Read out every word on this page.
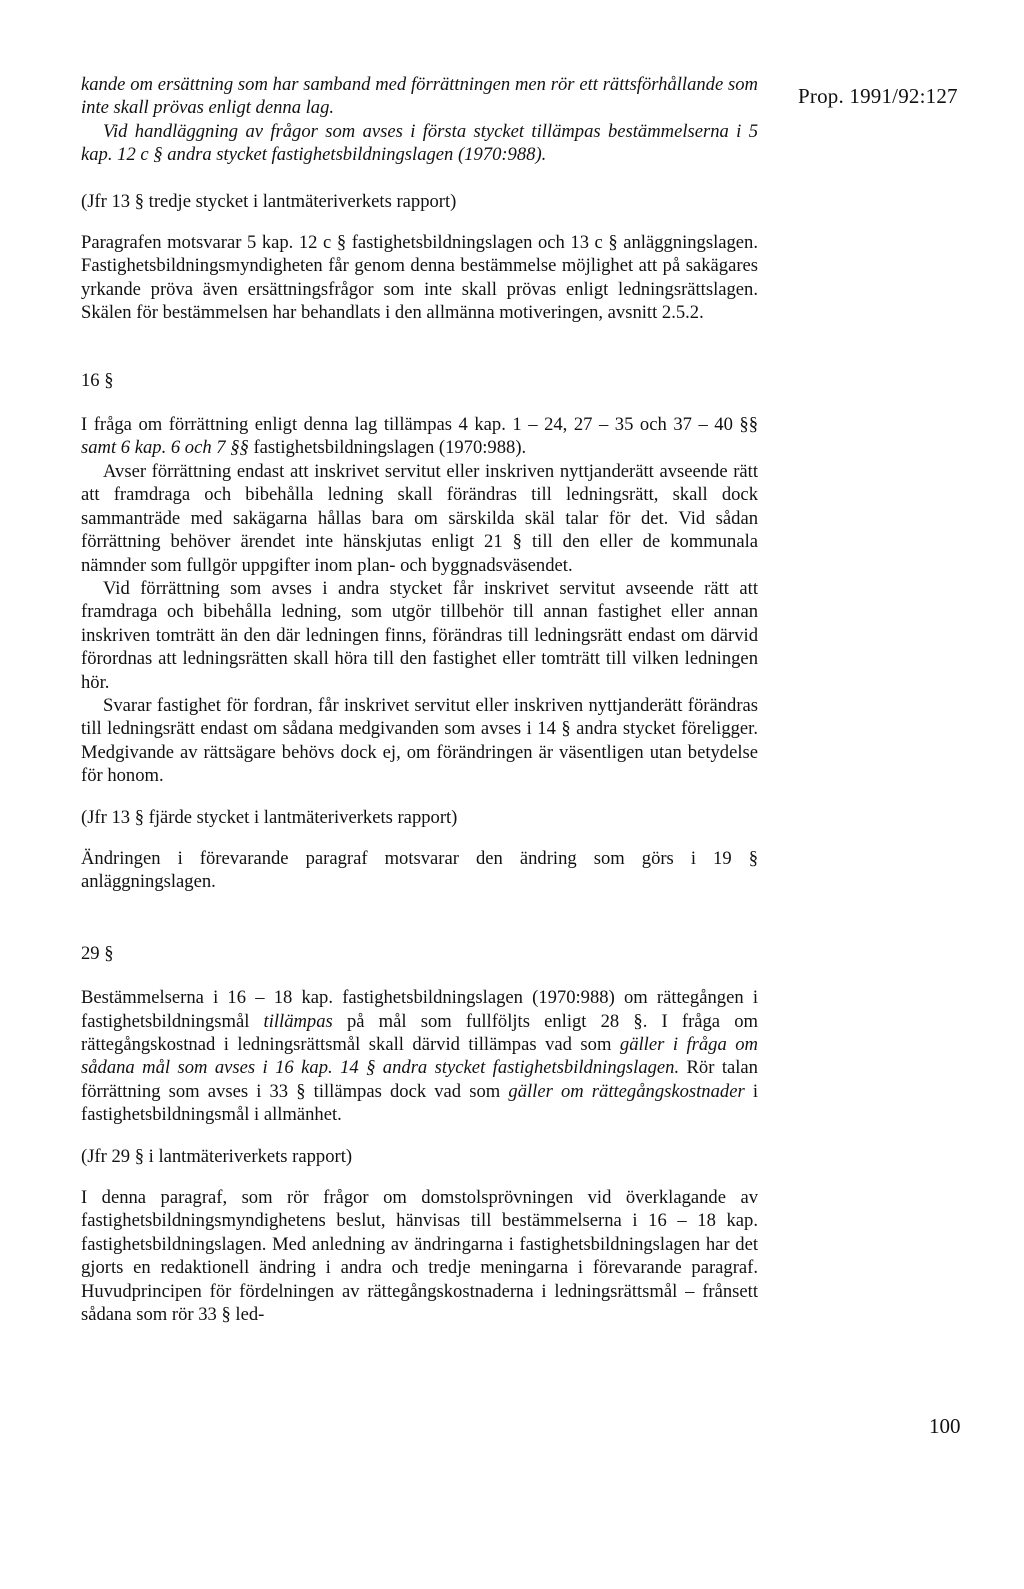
Prop. 1991/92:127

kande om ersättning som har samband med förrättningen men rör ett rättsförhållande som inte skall prövas enligt denna lag.

Vid handläggning av frågor som avses i första stycket tillämpas bestämmelserna i 5 kap. 12 c § andra stycket fastighetsbildningslagen (1970:988).

(Jfr 13 § tredje stycket i lantmäteriverkets rapport)

Paragrafen motsvarar 5 kap. 12 c § fastighetsbildningslagen och 13 c § anläggningslagen. Fastighetsbildningsmyndigheten får genom denna bestämmelse möjlighet att på sakägares yrkande pröva även ersättningsfrågor som inte skall prövas enligt ledningsrättslagen. Skälen för bestämmelsen har behandlats i den allmänna motiveringen, avsnitt 2.5.2.

16 §

I fråga om förrättning enligt denna lag tillämpas 4 kap. 1 – 24, 27 – 35 och 37 – 40 §§ samt 6 kap. 6 och 7 §§ fastighetsbildningslagen (1970:988).

Avser förrättning endast att inskrivet servitut eller inskriven nyttjanderätt avseende rätt att framdraga och bibehålla ledning skall förändras till ledningsrätt, skall dock sammanträde med sakägarna hållas bara om särskilda skäl talar för det. Vid sådan förrättning behöver ärendet inte hänskjutas enligt 21 § till den eller de kommunala nämnder som fullgör uppgifter inom plan- och byggnadsväsendet.

Vid förrättning som avses i andra stycket får inskrivet servitut avseende rätt att framdraga och bibehålla ledning, som utgör tillbehör till annan fastighet eller annan inskriven tomträtt än den där ledningen finns, förändras till ledningsrätt endast om därvid förordnas att ledningsrätten skall höra till den fastighet eller tomträtt till vilken ledningen hör.

Svarar fastighet för fordran, får inskrivet servitut eller inskriven nyttjanderätt förändras till ledningsrätt endast om sådana medgivanden som avses i 14 § andra stycket föreligger. Medgivande av rättsägare behövs dock ej, om förändringen är väsentligen utan betydelse för honom.

(Jfr 13 § fjärde stycket i lantmäteriverkets rapport)

Ändringen i förevarande paragraf motsvarar den ändring som görs i 19 § anläggningslagen.

29 §

Bestämmelserna i 16 – 18 kap. fastighetsbildningslagen (1970:988) om rättegången i fastighetsbildningsmål tillämpas på mål som fullföljts enligt 28 §. I fråga om rättegångskostnad i ledningsrättsmål skall därvid tillämpas vad som gäller i fråga om sådana mål som avses i 16 kap. 14 § andra stycket fastighetsbildningslagen. Rör talan förrättning som avses i 33 § tillämpas dock vad som gäller om rättegångskostnader i fastighetsbildningsmål i allmänhet.

(Jfr 29 § i lantmäteriverkets rapport)

I denna paragraf, som rör frågor om domstolsprövningen vid överklagande av fastighetsbildningsmyndighetens beslut, hänvisas till bestämmelserna i 16 – 18 kap. fastighetsbildningslagen. Med anledning av ändringarna i fastighetsbildningslagen har det gjorts en redaktionell ändring i andra och tredje meningarna i förevarande paragraf. Huvudprincipen för fördelningen av rättegångskostnaderna i ledningsrättsmål – frånsett sådana som rör 33 § led-

100
